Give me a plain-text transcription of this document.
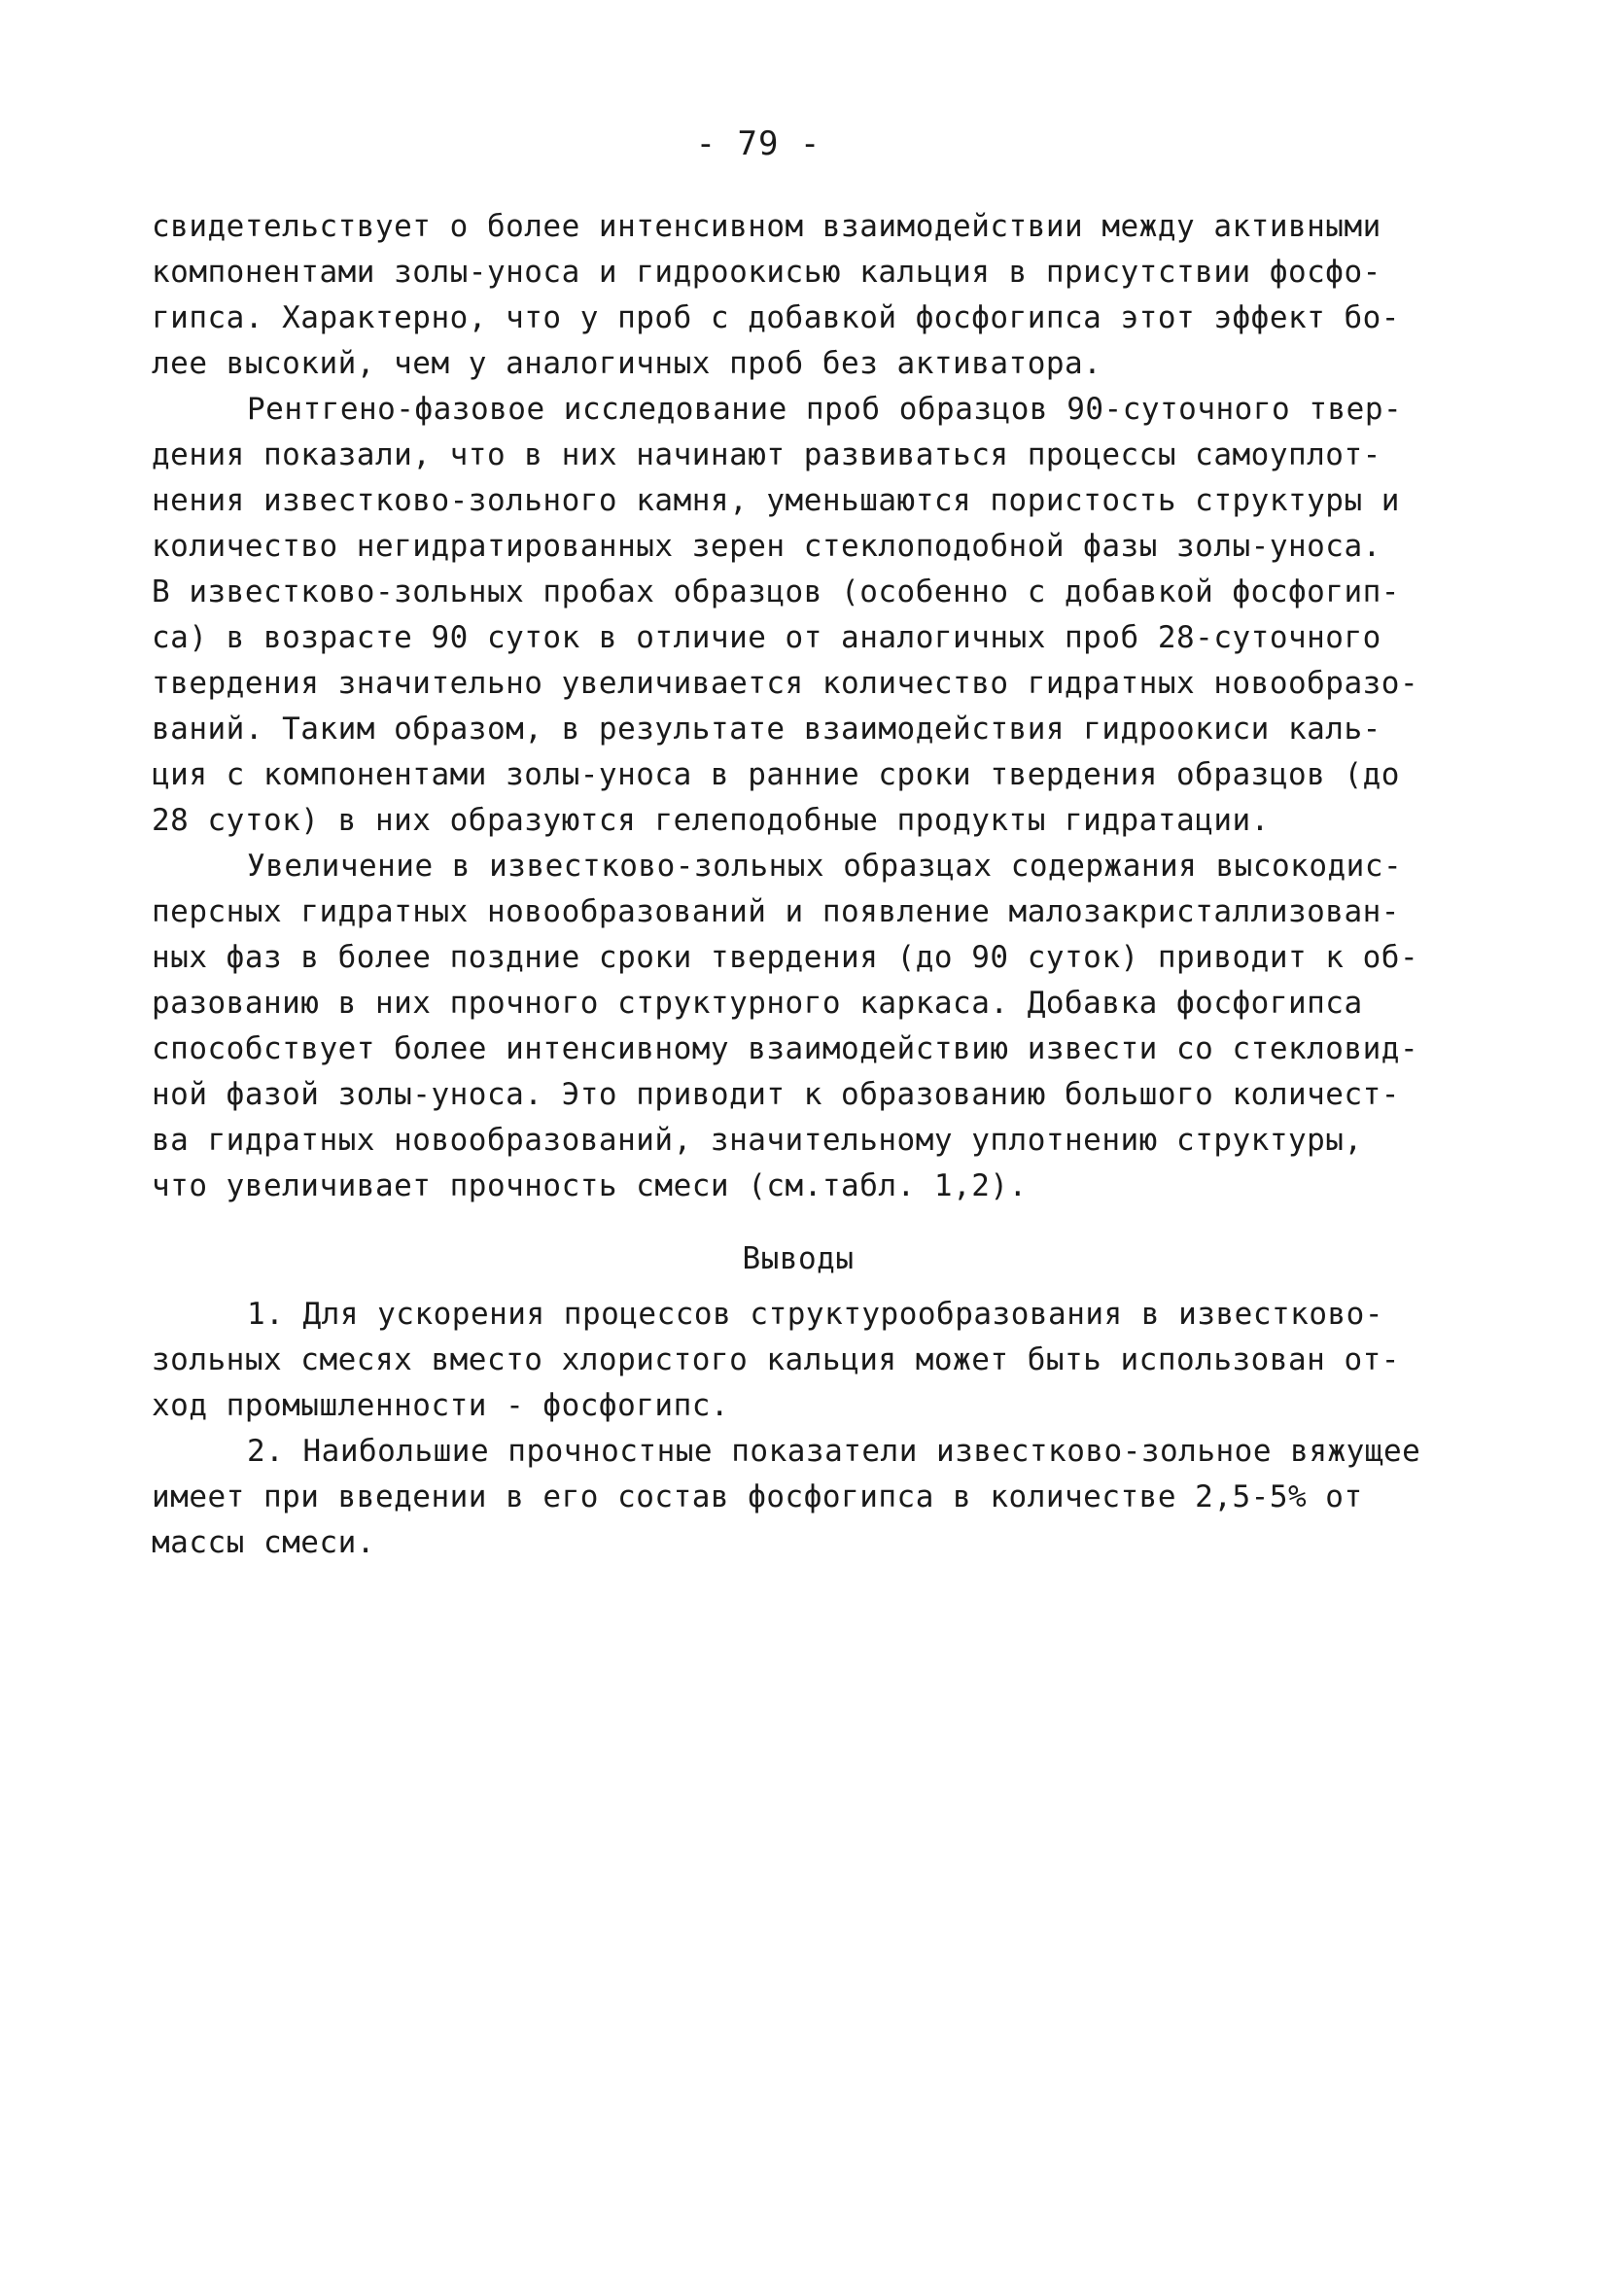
- 79 -
свидетельствует о более интенсивном взаимодействии между активными
компонентами золы-уноса и гидроокисью кальция в присутствии фосфо-
гипса. Характерно, что у проб с добавкой фосфогипса этот эффект бо-
лее высокий, чем у аналогичных проб без активатора.
Рентгено-фазовое исследование проб образцов 90-суточного твер-
дения показали, что в них начинают развиваться процессы самоуплот-
нения известково-зольного камня, уменьшаются пористость структуры и
количество негидратированных зерен стеклоподобной фазы золы-уноса.
В известково-зольных пробах образцов (особенно с добавкой фосфогип-
са) в возрасте 90 суток в отличие от аналогичных проб 28-суточного
твердения значительно увеличивается количество гидратных новообразо-
ваний. Таким образом, в результате взаимодействия гидроокиси каль-
ция с компонентами золы-уноса в ранние сроки твердения образцов (до
28 суток) в них образуются гелеподобные продукты гидратации.
Увеличение в известково-зольных образцах содержания высокодис-
персных гидратных новообразований и появление малозакристаллизован-
ных фаз в более поздние сроки твердения (до 90 суток) приводит к об-
разованию в них прочного структурного каркаса. Добавка фосфогипса
способствует более интенсивному взаимодействию извести со стекловид-
ной фазой золы-уноса. Это приводит к образованию большого количест-
ва гидратных новообразований, значительному уплотнению структуры,
что увеличивает прочность смеси (см.табл. 1,2).
Выводы
1. Для ускорения процессов структурообразования в известково-
зольных смесях вместо хлористого кальция может быть использован от-
ход промышленности - фосфогипс.
2. Наибольшие прочностные показатели известково-зольное вяжущее
имеет при введении в его состав фосфогипса в количестве 2,5-5% от
массы смеси.
